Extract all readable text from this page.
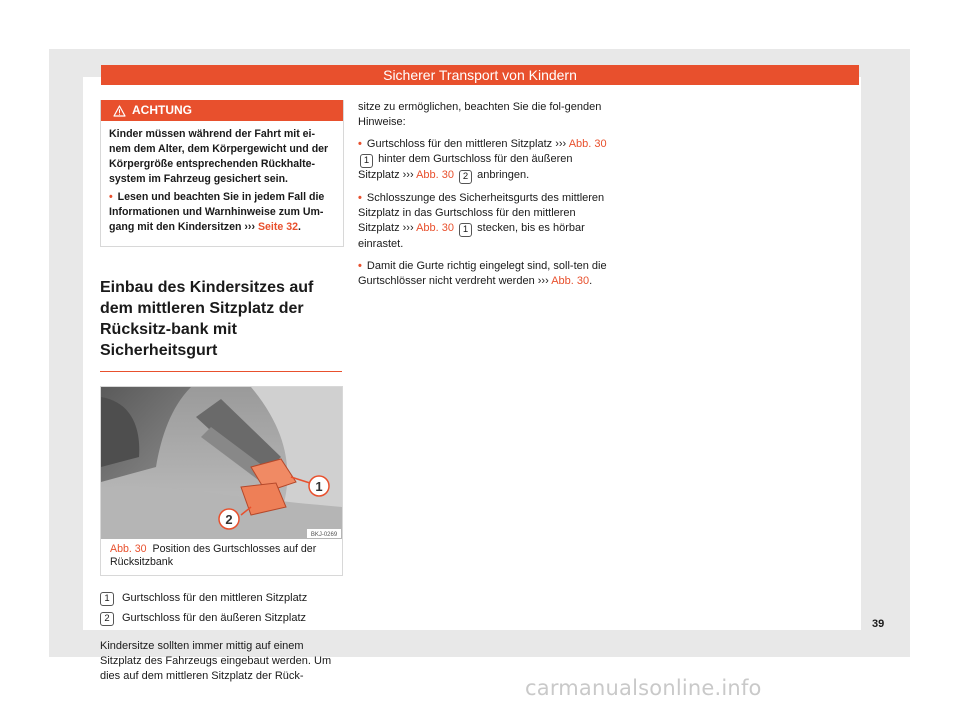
Sicherer Transport von Kindern
ACHTUNG

Kinder müssen während der Fahrt mit ei-nem dem Alter, dem Körpergewicht und der Körpergröße entsprechenden Rückhalte-system im Fahrzeug gesichert sein.

• Lesen und beachten Sie in jedem Fall die Informationen und Warnhinweise zum Um-gang mit den Kindersitzen ››› Seite 32.

Einbau des Kindersitzes auf dem mittleren Sitzplatz der Rücksitz-bank mit Sicherheitsgurt
1
2
BKJ-0269
Abb. 30 Position des Gurtschlosses auf der Rücksitzbank
1	Gurtschloss für den mittleren Sitzplatz
2	Gurtschloss für den äußeren Sitzplatz

Kindersitze sollten immer mittig auf einem Sitzplatz des Fahrzeugs eingebaut werden. Um dies auf dem mittleren Sitzplatz der Rück-

sitze zu ermöglichen, beachten Sie die fol-genden Hinweise:

• Gurtschloss für den mittleren Sitzplatz ››› Abb. 30 1 hinter dem Gurtschloss für den äußeren Sitzplatz ››› Abb. 30 2 anbringen.

• Schlosszunge des Sicherheitsgurts des mittleren Sitzplatz in das Gurtschloss für den mittleren Sitzplatz ››› Abb. 30 1 stecken, bis es hörbar einrastet.

• Damit die Gurte richtig eingelegt sind, soll-ten die Gurtschlösser nicht verdreht werden ››› Abb. 30.

39
carmanualsonline.info
